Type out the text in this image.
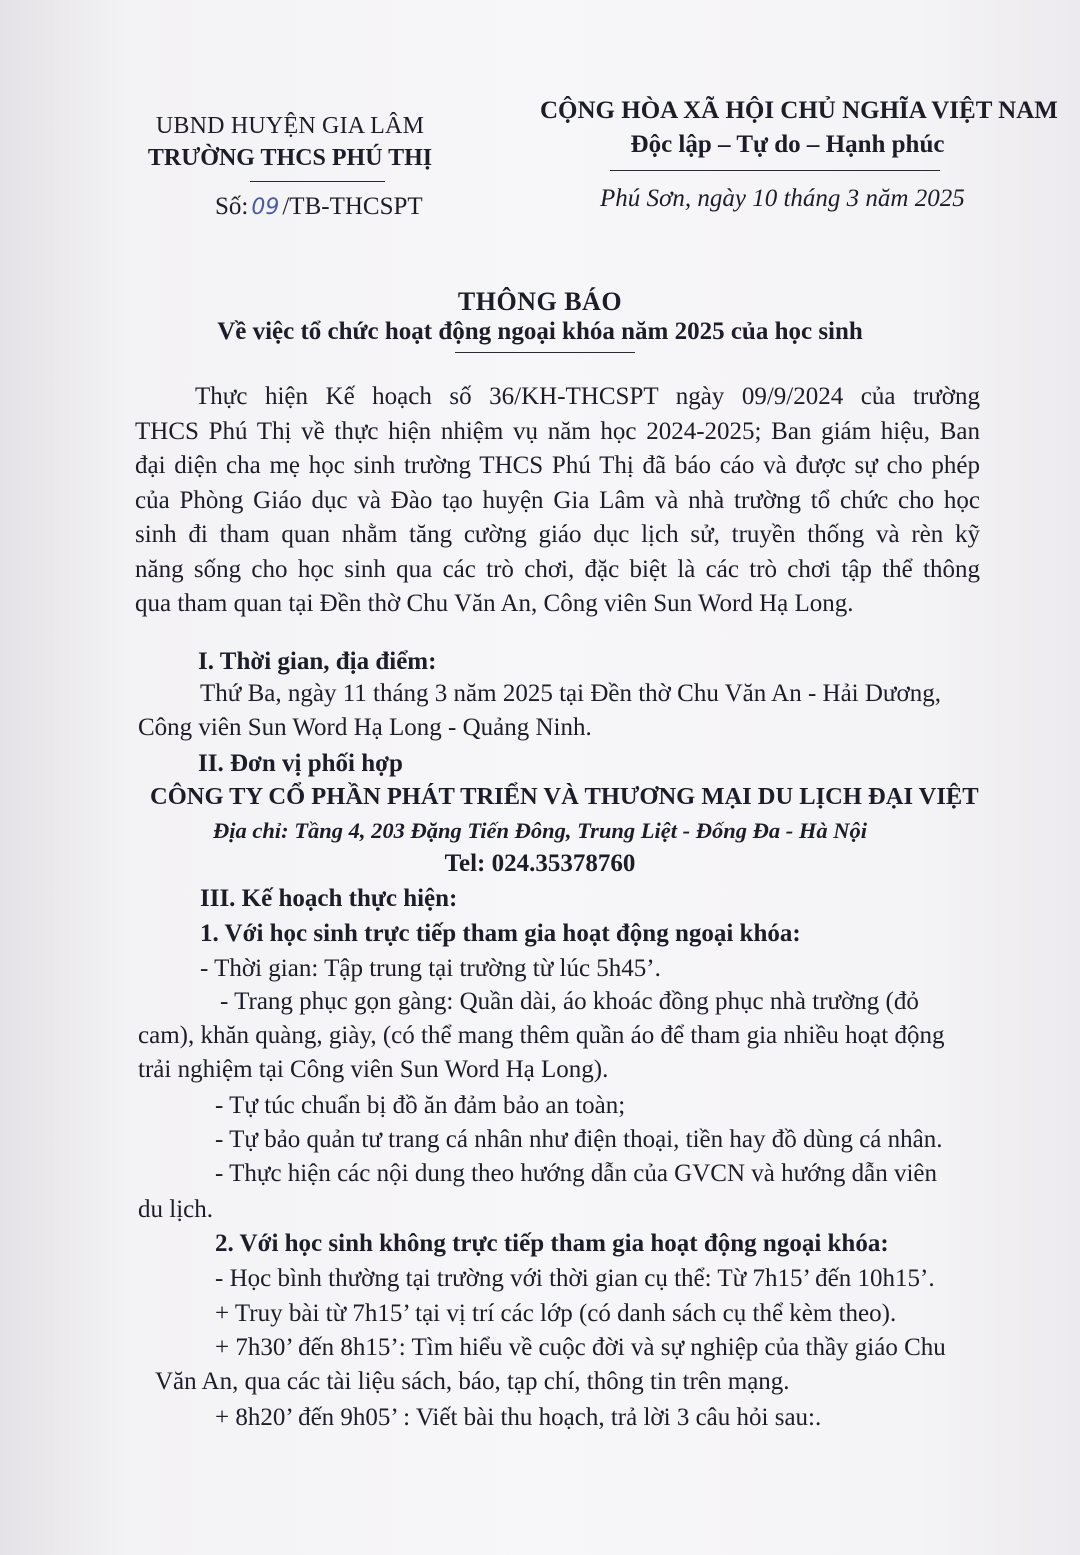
UBND HUYỆN GIA LÂM
TRƯỜNG THCS PHÚ THỊ
Số: 09 /TB-THCSPT
CỘNG HÒA XÃ HỘI CHỦ NGHĨA VIỆT NAM
Độc lập – Tự do – Hạnh phúc
Phú Sơn, ngày 10 tháng 3 năm 2025
THÔNG BÁO
Về việc tổ chức hoạt động ngoại khóa năm 2025 của học sinh
Thực hiện Kế hoạch số 36/KH-THCSPT ngày 09/9/2024 của trường
THCS Phú Thị về thực hiện nhiệm vụ năm học 2024-2025; Ban giám hiệu, Ban
đại diện cha mẹ học sinh trường THCS Phú Thị đã báo cáo và được sự cho phép
của Phòng Giáo dục và Đào tạo huyện Gia Lâm và nhà trường tổ chức cho học
sinh đi tham quan nhằm tăng cường giáo dục lịch sử, truyền thống và rèn kỹ
năng sống cho học sinh qua các trò chơi, đặc biệt là các trò chơi tập thể thông
qua tham quan tại Đền thờ Chu Văn An, Công viên Sun Word Hạ Long.
I. Thời gian, địa điểm:
Thứ Ba, ngày 11 tháng 3 năm 2025 tại Đền thờ Chu Văn An - Hải Dương,
Công viên Sun Word Hạ Long - Quảng Ninh.
II. Đơn vị phối hợp
CÔNG TY CỔ PHẦN PHÁT TRIỂN VÀ THƯƠNG MẠI DU LỊCH ĐẠI VIỆT
Địa chỉ: Tầng 4, 203 Đặng Tiến Đông, Trung Liệt - Đống Đa - Hà Nội
Tel: 024.35378760
III. Kế hoạch thực hiện:
1. Với học sinh trực tiếp tham gia hoạt động ngoại khóa:
- Thời gian: Tập trung tại trường từ lúc 5h45’.
- Trang phục gọn gàng: Quần dài, áo khoác đồng phục nhà trường (đỏ
cam), khăn quàng, giày, (có thể mang thêm quần áo để tham gia nhiều hoạt động
trải nghiệm tại Công viên Sun Word Hạ Long).
- Tự túc chuẩn bị đồ ăn đảm bảo an toàn;
- Tự bảo quản tư trang cá nhân như điện thoại, tiền hay đồ dùng cá nhân.
- Thực hiện các nội dung theo hướng dẫn của GVCN và hướng dẫn viên
du lịch.
2. Với học sinh không trực tiếp tham gia hoạt động ngoại khóa:
- Học bình thường tại trường với thời gian cụ thể: Từ 7h15’ đến 10h15’.
+ Truy bài từ 7h15’ tại vị trí các lớp (có danh sách cụ thể kèm theo).
+ 7h30’ đến 8h15’: Tìm hiểu về cuộc đời và sự nghiệp của thầy giáo Chu
Văn An, qua các tài liệu sách, báo, tạp chí, thông tin trên mạng.
+ 8h20’ đến 9h05’ : Viết bài thu hoạch, trả lời 3 câu hỏi sau:.
